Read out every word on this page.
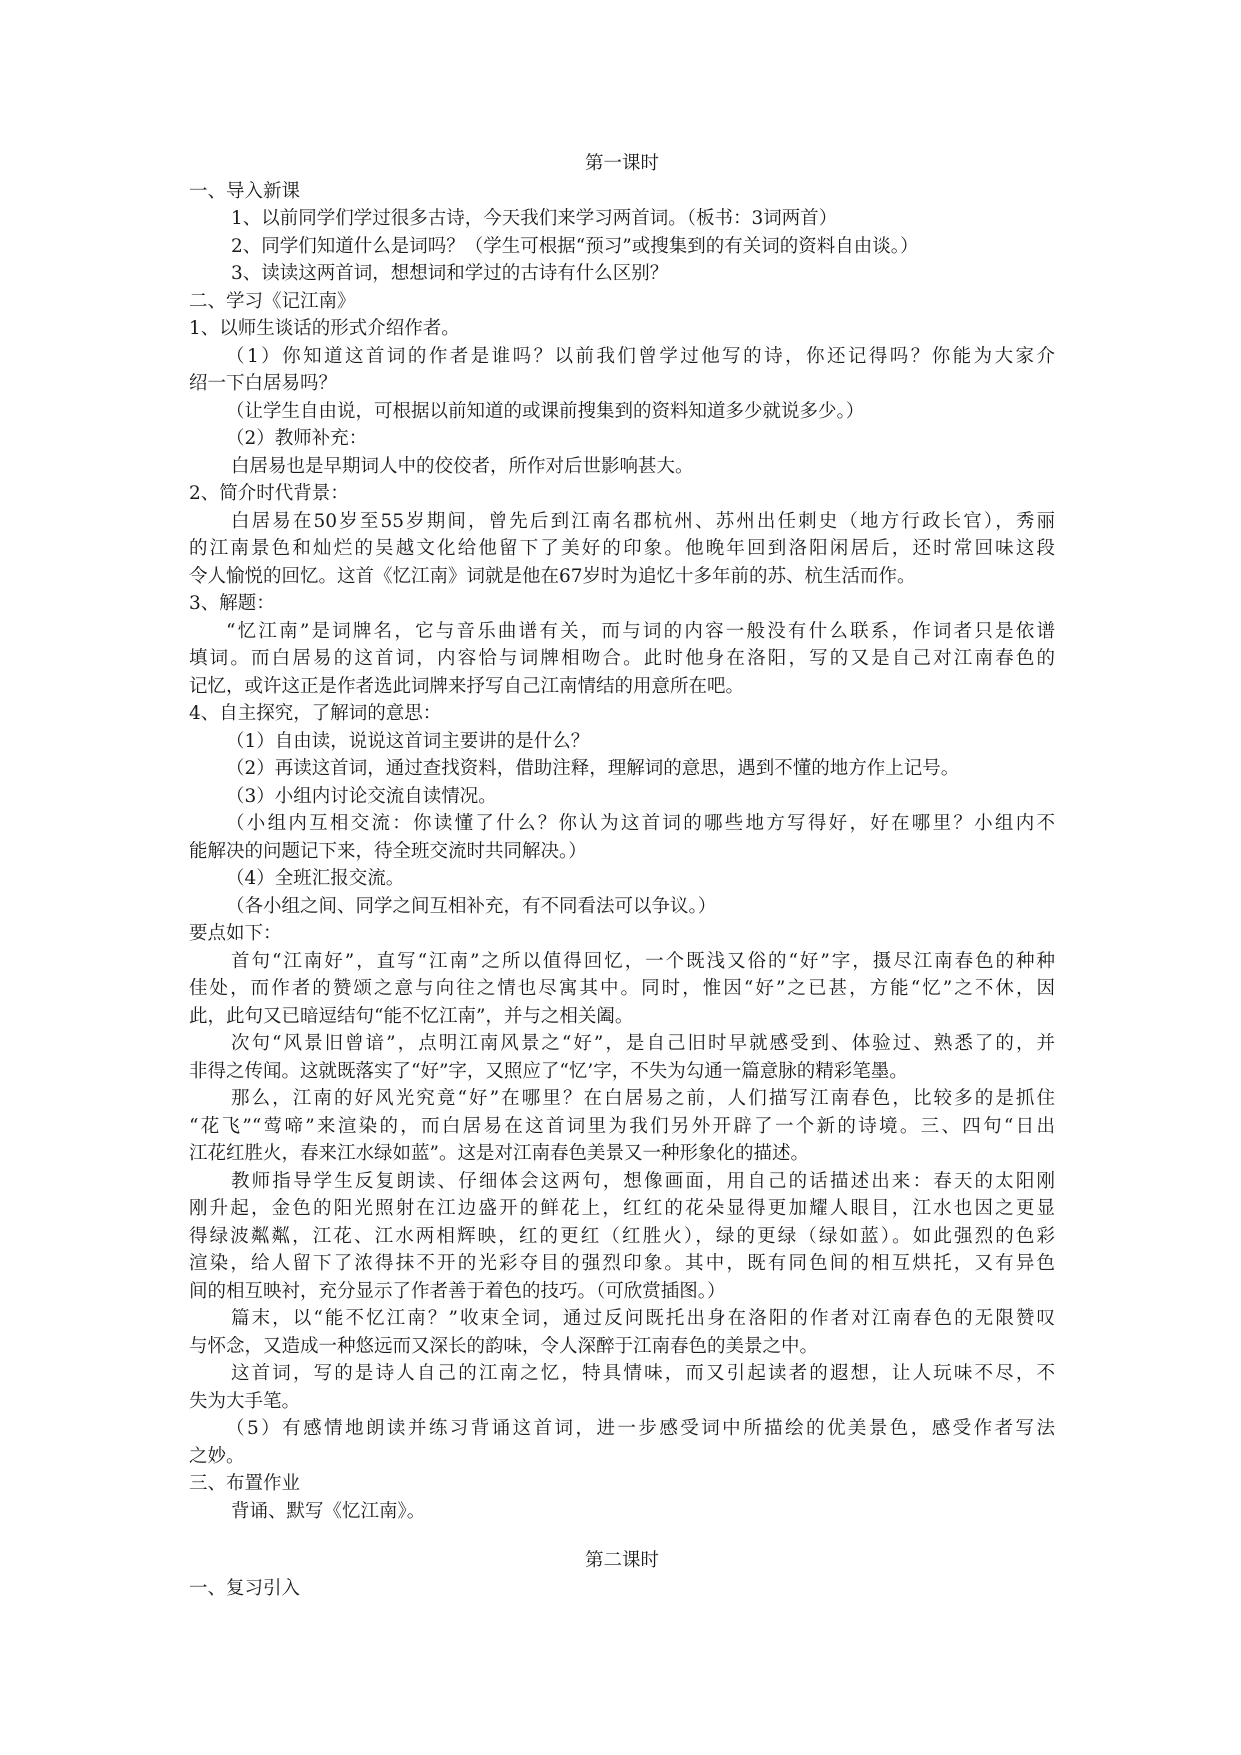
第一课时
一、导入新课
1、以前同学们学过很多古诗，今天我们来学习两首词。（板书：3词两首）
2、同学们知道什么是词吗？（学生可根据“预习”或搜集到的有关词的资料自由谈。）
3、读读这两首词，想想词和学过的古诗有什么区别？
二、学习《记江南》
1、以师生谈话的形式介绍作者。
（1）你知道这首词的作者是谁吗？以前我们曾学过他写的诗，你还记得吗？你能为大家介
绍一下白居易吗？
（让学生自由说，可根据以前知道的或课前搜集到的资料知道多少就说多少。）
（2）教师补充：
白居易也是早期词人中的佼佼者，所作对后世影响甚大。
2、简介时代背景：
白居易在50岁至55岁期间，曾先后到江南名郡杭州、苏州出任刺史（地方行政长官），秀丽
的江南景色和灿烂的吴越文化给他留下了美好的印象。他晚年回到洛阳闲居后，还时常回味这段
令人愉悦的回忆。这首《忆江南》词就是他在67岁时为追忆十多年前的苏、杭生活而作。
3、解题：
“忆江南”是词牌名，它与音乐曲谱有关，而与词的内容一般没有什么联系，作词者只是依谱
填词。而白居易的这首词，内容恰与词牌相吻合。此时他身在洛阳，写的又是自己对江南春色的
记忆，或许这正是作者选此词牌来抒写自己江南情结的用意所在吧。
4、自主探究，了解词的意思：
（1）自由读，说说这首词主要讲的是什么？
（2）再读这首词，通过查找资料，借助注释，理解词的意思，遇到不懂的地方作上记号。
（3）小组内讨论交流自读情况。
（小组内互相交流：你读懂了什么？你认为这首词的哪些地方写得好，好在哪里？小组内不
能解决的问题记下来，待全班交流时共同解决。）
（4）全班汇报交流。
（各小组之间、同学之间互相补充，有不同看法可以争议。）
要点如下：
首句“江南好”，直写“江南”之所以值得回忆，一个既浅又俗的“好”字，摄尽江南春色的种种
佳处，而作者的赞颂之意与向往之情也尽寓其中。同时，惟因“好”之已甚，方能“忆”之不休，因
此，此句又已暗逗结句“能不忆江南”，并与之相关阖。
次句“风景旧曾谙”，点明江南风景之“好”，是自己旧时早就感受到、体验过、熟悉了的，并
非得之传闻。这就既落实了“好”字，又照应了“忆’字，不失为勾通一篇意脉的精彩笔墨。
那么，江南的好风光究竟“好”在哪里？在白居易之前，人们描写江南春色，比较多的是抓住
“花飞”“莺啼”来渲染的，而白居易在这首词里为我们另外开辟了一个新的诗境。三、四句“日出
江花红胜火，春来江水绿如蓝”。这是对江南春色美景又一种形象化的描述。
教师指导学生反复朗读、仔细体会这两句，想像画面，用自己的话描述出来：春天的太阳刚
刚升起，金色的阳光照射在江边盛开的鲜花上，红红的花朵显得更加耀人眼目，江水也因之更显
得绿波粼粼，江花、江水两相辉映，红的更红（红胜火），绿的更绿（绿如蓝）。如此强烈的色彩
渲染，给人留下了浓得抹不开的光彩夺目的强烈印象。其中，既有同色间的相互烘托，又有异色
间的相互映衬，充分显示了作者善于着色的技巧。（可欣赏插图。）
篇末，以“能不忆江南？”收束全词，通过反问既托出身在洛阳的作者对江南春色的无限赞叹
与怀念，又造成一种悠远而又深长的韵味，令人深醉于江南春色的美景之中。
这首词，写的是诗人自己的江南之忆，特具情味，而又引起读者的遐想，让人玩味不尽，不
失为大手笔。
（5）有感情地朗读并练习背诵这首词，进一步感受词中所描绘的优美景色，感受作者写法
之妙。
三、布置作业
背诵、默写《忆江南》。
第二课时
一、复习引入
